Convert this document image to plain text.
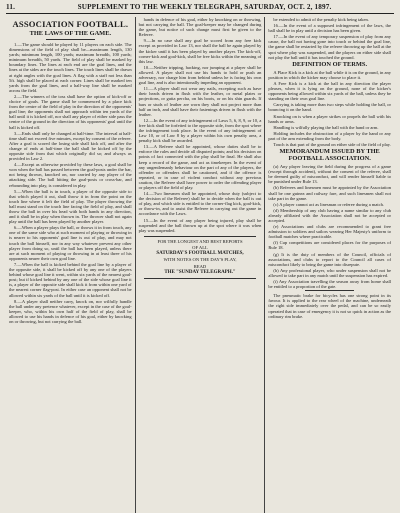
11.	SUPPLEMENT TO THE WEEKLY TELEGRAPH, SATURDAY, OCT. 2, 1897.
ASSOCIATION FOOTBALL.
THE LAWS OF THE GAME.

1.—The game should be played by 11 players on each side. The dimensions of the field of play shall be—maximum length, 130 yards; minimum length, 100 yards; maximum breadth, 100 yards; minimum breadth, 50 yards. The field of play shall be marked by boundary lines. The lines at each end are the goal lines, and the lines at the sides are the touch lines. The touch lines shall be drawn at right angles with the goal lines. A flag with a staff not less than 5ft. high shall be placed at each corner. Lines shall be marked ten yards from the goal lines, and a half-way line shall be marked across the field.

2.—The winners of the toss shall have the option of kick-off or choice of goals. The game shall be commenced by a place kick from the centre of the field of play in the direction of the opponents' goal line; the opponents shall not approach within ten yards of the ball until it is kicked off, nor shall any player of either side pass the centre of the ground in the direction of his opponents' goal until the ball is kicked off.

3.—Ends shall only be changed at half-time. The interval at half-time shall not exceed five minutes, except by consent of the referee. After a goal is scored the losing side shall kick off, and after the change of ends at half-time the ball shall be kicked off by the opposite side from that which originally did so; and always as provided in Law 2.

4.—Except as otherwise provided by these laws, a goal shall be won when the ball has passed between the goal-posts under the bar, not being thrown, knocked on, nor carried by any player of the attacking side. The ball hitting the goal-posts or cross-bar, and rebounding into play, is considered in play.

5.—When the ball is in touch, a player of the opposite side to that which played it out, shall throw it in from the point on the touch line where it left the field of play. The player throwing the ball must stand on the touch line facing the field of play, and shall throw the ball in over his head with both hands in any direction, and it shall be in play when thrown in. The thrower shall not again play until the ball has been played by another player.

6.—When a player plays the ball, or throws it in from touch, any one of the same side who at such moment of playing or throwing in is nearer to his opponents' goal line is out of play, and may not touch the ball himself, nor in any way whatever prevent any other player from doing so, until the ball has been played, unless there are at such moment of playing or throwing in at least three of his opponents nearer their own goal line.

7.—When the ball is kicked behind the goal line by a player of the opposite side, it shall be kicked off by any one of the players behind whose goal line it went, within six yards of the nearest goal-post; but if kicked behind by any one of the side whose goal line it is, a player of the opposite side shall kick it from within one yard of the nearest corner flag-post. In either case an opponent shall not be allowed within six yards of the ball until it is kicked off.

8.—A player shall neither carry, knock on, nor wilfully handle the ball under any pretence whatever, except in the case of the goal-keeper, who, within his own half of the field of play, shall be allowed to use his hands in defence of his goal, either by knocking on or throwing, but not carrying the ball.

hands in defence of his goal, either by knocking on or throwing, but not carrying the ball. The goal-keeper may be changed during the game, but notice of such change must first be given to the Referee.

9.—In no case shall any goal be scored from any free kick except as provided in Law 13, nor shall the ball be again played by the kicker until it has been played by another player. The kick-off, corner-kick and goal-kick, shall be free kicks within the meaning of this law.

10.—Neither tripping, hacking, nor jumping at a player shall be allowed. A player shall not use his hands to hold or push an adversary, nor charge him from behind unless he is facing his own goal line, and is also intentionally impeding an opponent.

11.—A player shall not wear any nails, excepting such as have their heads driven in flush with the leather, or metal plates or projections, or gutta percha, on his boots, or on his shin guards. If bars or studs of leather are worn they shall not project more than half an inch, and shall have their fastenings driven in flush with the leather.

12.—In the event of any infringement of Laws 5, 6, 8, 9, or 10, a free kick shall be forfeited to the opposite side, from the spot where the infringement took place. In the event of any infringement of Law 10, or of Law 8 by a player within his own penalty area, a penalty kick shall be awarded.

13.—A Referee shall be appointed, whose duties shall be to enforce the rules and decide all disputed points; and his decision on points of fact connected with the play shall be final. He shall also keep a record of the game, and act as timekeeper. In the event of any ungentlemanly behaviour on the part of any of the players, the offender or offenders shall be cautioned, and if the offence is repeated, or in case of violent conduct without any previous caution, the Referee shall have power to order the offending player or players off the field of play.

14.—Two linesmen shall be appointed, whose duty (subject to the decision of the Referee) shall be to decide when the ball is out of play, and which side is entitled to the corner-flag kick, goal-kick, or throw-in, and to assist the Referee in carrying out the game in accordance with the Laws.

15.—In the event of any player being injured, play shall be suspended and the ball thrown up at the spot where it was when play was suspended.

FOR THE LONGEST AND BEST REPORTS
OF ALL
SATURDAY'S FOOTBALL MATCHES,
WITH NOTES ON THE DAY'S PLAY,
READ
THE "SUNDAY TELEGRAPH."

be extended to admit of the penalty kick being taken.

16.—In the event of a supposed infringement of the laws, the ball shall be in play until a decision has been given.

17.—In the event of any temporary suspension of play from any cause, the ball not having gone into touch or behind the goal line, the game shall be restarted by the referee throwing up the ball at the spot where play was suspended, and the players on either side shall not play the ball until it has touched the ground.

DEFINITION OF TERMS.

A Place Kick is a kick at the ball while it is on the ground, in any position in which the kicker may choose to place it.

A Free Kick is a kick at the ball in any direction the player pleases, when it is lying on the ground, none of the kicker's opponents being allowed within six yards of the ball, unless they be standing on their own goal line.

Carrying is taking more than two steps while holding the ball, or bouncing it on the hand.

Knocking on is when a player strikes or propels the ball with his hands or arms.

Handling is wilfully playing the ball with the hand or arm.

Holding includes the obstruction of a player by the hand or any part of the arm extending from the body.

Touch is that part of the ground on either side of the field of play.

MEMORANDUM ISSUED BY THE FOOTBALL ASSOCIATION.

(a) Any player leaving the field during the progress of a game (except through accident), without the consent of the referee, shall be deemed guilty of misconduct, and will render himself liable to be punished under Rule 13.

(b) Referees and linesmen must be appointed by the Association shall be one guinea and railway fare, and such linesmen shall not take part in the game.

(c) A player cannot act as linesman or referee during a match.

(d) Membership of any club having a name similar to any club already affiliated with the Association shall not be accepted or accepted.

(e) Associations and clubs are recommended to grant free admission to soldiers and sailors wearing Her Majesty's uniform to football matches where practicable.

(f) Cup competitions are considered places for the purposes of Rule 18.

(g) It is the duty of members of the Council, officials of associations, and clubs to report to the Council all cases of misconduct likely to bring the game into disrepute.

(h) Any professional player, who under suspension shall not be allowed to take part in any match until the suspension has expired.

(i) Any Association travelling the season away from home shall be entitled to a proportion of the gate.

The pneumatic brake for bicycles has one strong point in its favour. It is applied to the rear wheel of the machine, underneath the right side immediately over the pedal, and can be so easily operated that in case of emergency it is not so quick in action as the ordinary rim brake.
